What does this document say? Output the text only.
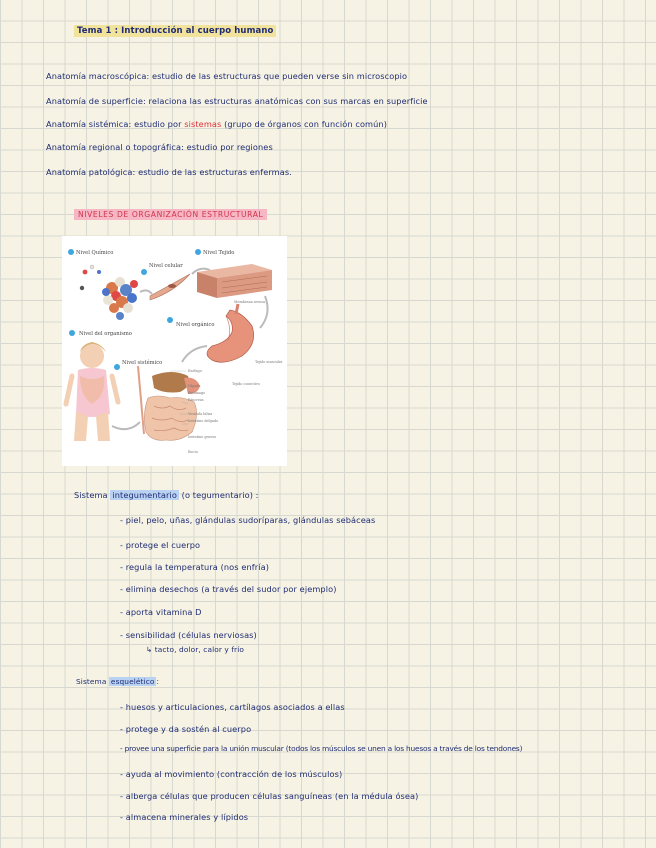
Tema 1 : Introducción al cuerpo humano
Anatomía macroscópica: estudio de las estructuras que pueden verse sin microscopio
Anatomía de superficie: relaciona las estructuras anatómicas con sus marcas en superficie
Anatomía sistémica: estudio por sistemas (grupo de órganos con función común)
Anatomía regional o topográfica: estudio por regiones
Anatomía patológica: estudio de las estructuras enfermas.
NIVELES DE ORGANIZACIÓN ESTRUCTURAL
Nivel Químico
Nivel celular
Nivel Tejido
Membrana serosa
Nivel orgánico
Tejido muscular
Tejido conectivo
Nivel del organismo
Nivel sistémico
Esófago
Hígado
Estómago
Páncreas
Vesícula biliar
Intestino delgado
Intestino grueso
Recto
Sistema integumentario (o tegumentario) :
- piel, pelo, uñas, glándulas sudoríparas, glándulas sebáceas
- protege el cuerpo
- regula la temperatura (nos enfría)
- elimina desechos (a través del sudor por ejemplo)
- aporta vitamina D
- sensibilidad (células nerviosas)
↳ tacto, dolor, calor y frío
Sistema esquelético :
- huesos y articulaciones, cartílagos asociados a ellas
- protege y da sostén al cuerpo
- provee una superficie para la unión muscular (todos los músculos se unen a los huesos a través de los tendones)
- ayuda al movimiento (contracción de los músculos)
- alberga células que producen células sanguíneas (en la médula ósea)
- almacena minerales y lípidos
